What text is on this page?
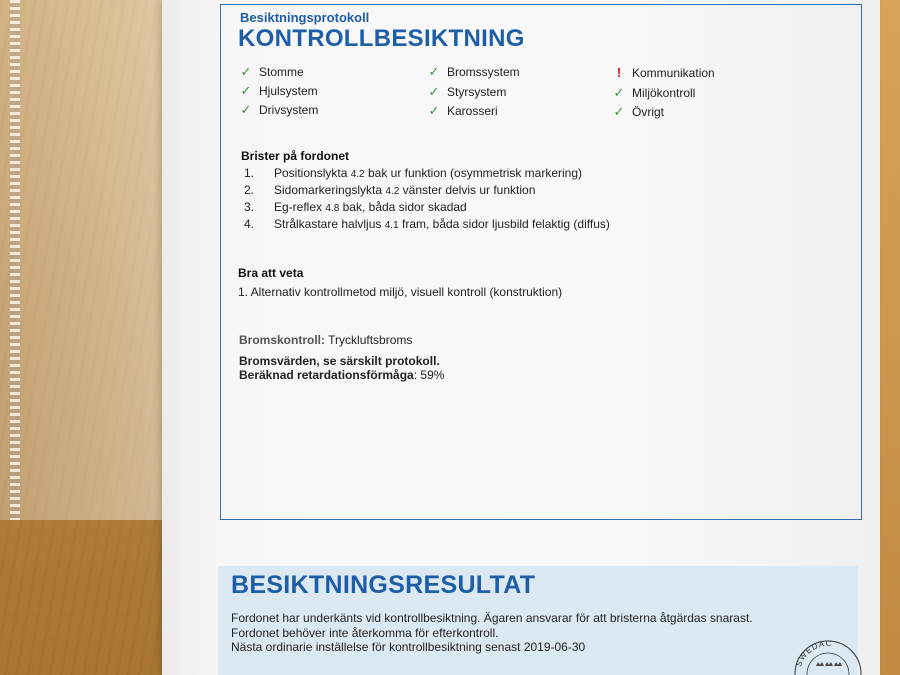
Besiktningsprotokoll
KONTROLLBESIKTNING
✓ Stomme	✓ Bromssystem	! Kommunikation
✓ Hjulsystem	✓ Styrsystem	✓ Miljökontroll
✓ Drivsystem	✓ Karosseri	✓ Övrigt
Brister på fordonet
1.	Positionslykta 4.2 bak ur funktion (osymmetrisk markering)
2.	Sidomarkeringslykta 4.2 vänster delvis ur funktion
3.	Eg-reflex 4.8 bak, båda sidor skadad
4.	Strålkastare halvljus 4.1 fram, båda sidor ljusbild felaktig (diffus)
Bra att veta
1. Alternativ kontrollmetod miljö, visuell kontroll (konstruktion)
Bromskontroll: Tryckluftsbroms
Bromsvärden, se särskilt protokoll.
Beräknad retardationsförmåga: 59%
BESIKTNINGSRESULTAT
Fordonet har underkänts vid kontrollbesiktning. Ägaren ansvarar för att bristerna åtgärdas snarast.
Fordonet behöver inte återkomma för efterkontroll.
Nästa ordinarie inställelse för kontrollbesiktning senast 2019-06-30
SWEDAC
